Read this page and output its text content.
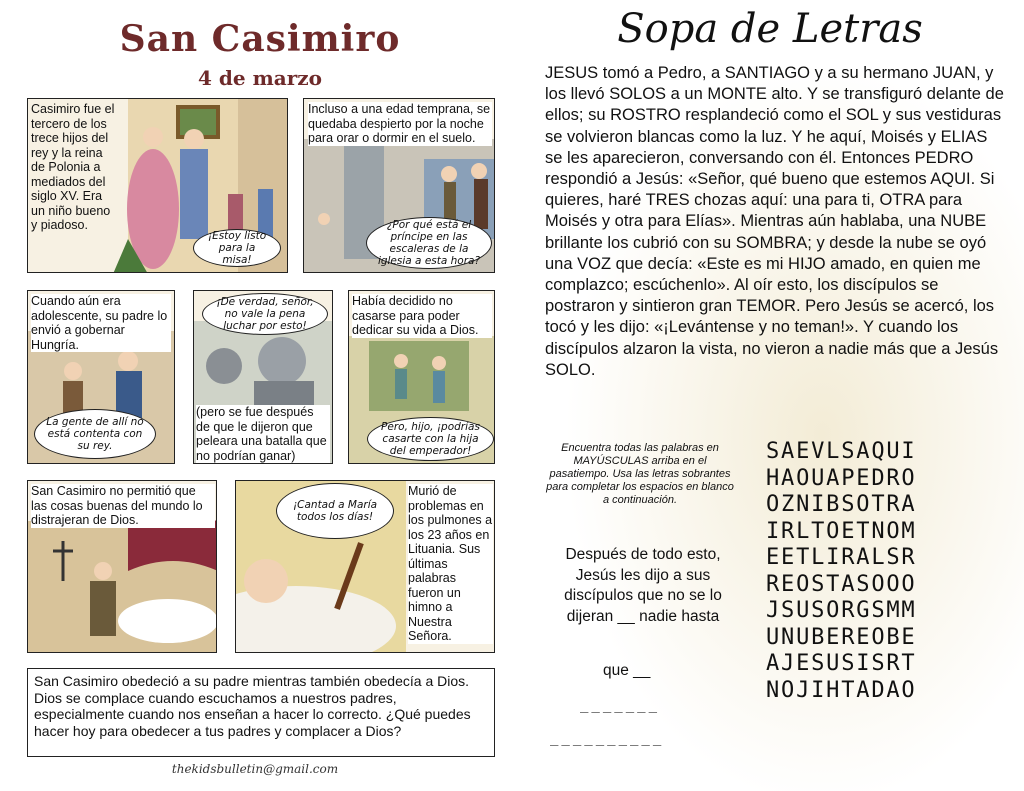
San Casimiro
4 de marzo
Casimiro fue el tercero de los trece hijos del rey y la reina de Polonia a mediados del siglo XV. Era un niño bueno y piadoso.
¡Estoy listo para la misa!
Incluso a una edad temprana, se quedaba despierto por la noche para orar o dormir en el suelo.
¿Por qué está el príncipe en las escaleras de la iglesia a esta hora?
Cuando aún era adolescente, su padre lo envió a gobernar Hungría.
La gente de allí no está contenta con su rey.
¡De verdad, señor, no vale la pena luchar por esto!
(pero se fue después de que le dijeron que peleara una batalla que no podrían ganar)
Había decidido no casarse para poder dedicar su vida a Dios.
Pero, hijo, ¡podrías casarte con la hija del emperador!
San Casimiro no permitió que las cosas buenas del mundo lo distrajeran de Dios.
¡Cantad a María todos los días!
Murió de problemas en los pulmones a los 23 años en Lituania. Sus últimas palabras fueron un himno a Nuestra Señora.
San Casimiro obedeció a su padre mientras también obedecía a Dios. Dios se complace cuando escuchamos a nuestros padres, especialmente cuando nos enseñan a hacer lo correcto. ¿Qué puedes hacer hoy para obedecer a tus padres y complacer a Dios?
thekidsbulletin@gmail.com
Sopa de Letras
JESUS tomó a Pedro, a SANTIAGO y a su hermano JUAN, y los llevó SOLOS a un MONTE alto. Y se transfiguró delante de ellos; su ROSTRO resplandeció como el SOL y sus vestiduras se volvieron blancas como la luz. Y he aquí, Moisés y ELIAS se les aparecieron, conversando con él. Entonces PEDRO respondió a Jesús: «Señor, qué bueno que estemos AQUI. Si quieres, haré TRES chozas aquí: una para ti, OTRA para Moisés y otra para Elías». Mientras aún hablaba, una NUBE brillante los cubrió con su SOMBRA; y desde la nube se oyó una VOZ que decía: «Este es mi HIJO amado, en quien me complazco; escúchenlo». Al oír esto, los discípulos se postraron y sintieron gran TEMOR. Pero Jesús se acercó, los tocó y les dijo: «¡Levántense y no teman!». Y cuando los discípulos alzaron la vista, no vieron a nadie más que a Jesús SOLO.
Encuentra todas las palabras en MAYÚSCULAS arriba en el pasatiempo. Usa las letras sobrantes para completar los espacios en blanco a continuación.
Después de todo esto, Jesús les dijo a sus discípulos que no se lo dijeran __ nadie hasta
que __
_______
__________
SAEVLSAQUI
HAOUAPEDRO
OZNIBSOTRA
IRLTOETNOM
EETLIRALSR
REOSTASOOO
JSUSORGSMM
UNUBEREOBE
AJESUSISRT
NOJIHTADAO
